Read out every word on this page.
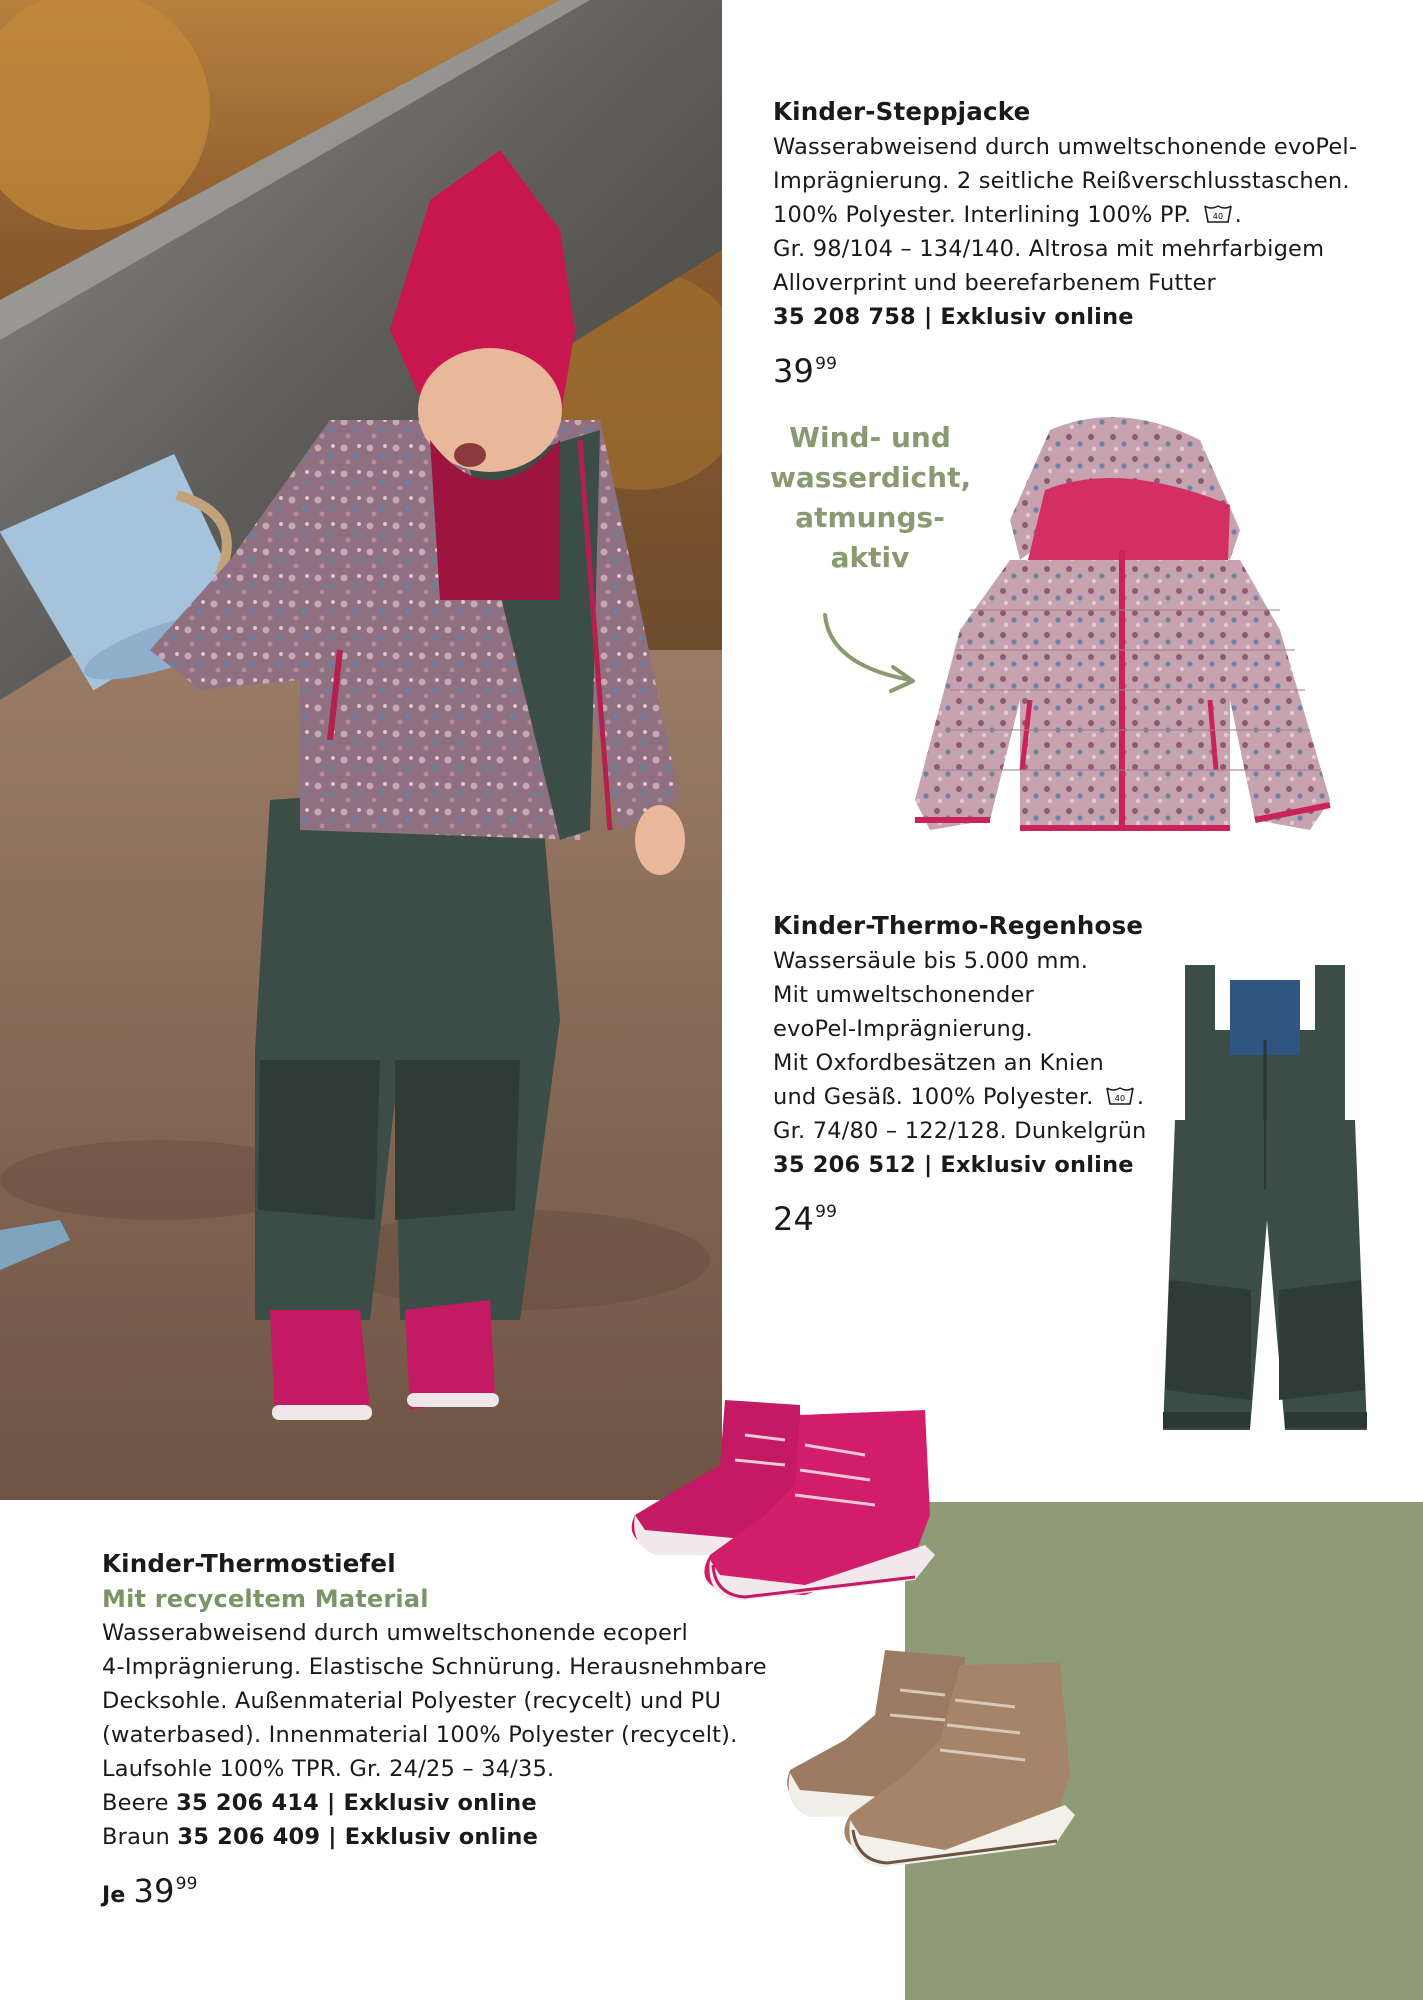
Kinder-Steppjacke
Wasserabweisend durch umweltschonende evoPel-
Imprägnierung. 2 seitliche Reißverschlusstaschen.
100% Polyester. Interlining 100% PP.	40 .
Gr. 98/104 – 134/140. Altrosa mit mehrfarbigem
Alloverprint und beerefarbenem Futter
35 208 758 | Exklusiv online
$39^{99}$
Wind- und
wasserdicht,
atmungs-
aktiv
Kinder-Thermo-Regenhose
Wassersäule bis 5.000 mm.
Mit umweltschonender
evoPel-Imprägnierung.
Mit Oxfordbesätzen an Knien
und Gesäß. 100% Polyester.	40 .
Gr. 74/80 – 122/128. Dunkelgrün
35 206 512 | Exklusiv online
$24^{99}$
Kinder-Thermostiefel
Mit recyceltem Material
Wasserabweisend durch umweltschonende ecoperl
4-Imprägnierung. Elastische Schnürung. Herausnehmbare
Decksohle. Außenmaterial Polyester (recycelt) und PU
(waterbased). Innenmaterial 100% Polyester (recycelt).
Laufsohle 100% TPR. Gr. 24/25 – 34/35.
Beere 35 206 414 | Exklusiv online
Braun 35 206 409 | Exklusiv online
Je $39^{99}$
